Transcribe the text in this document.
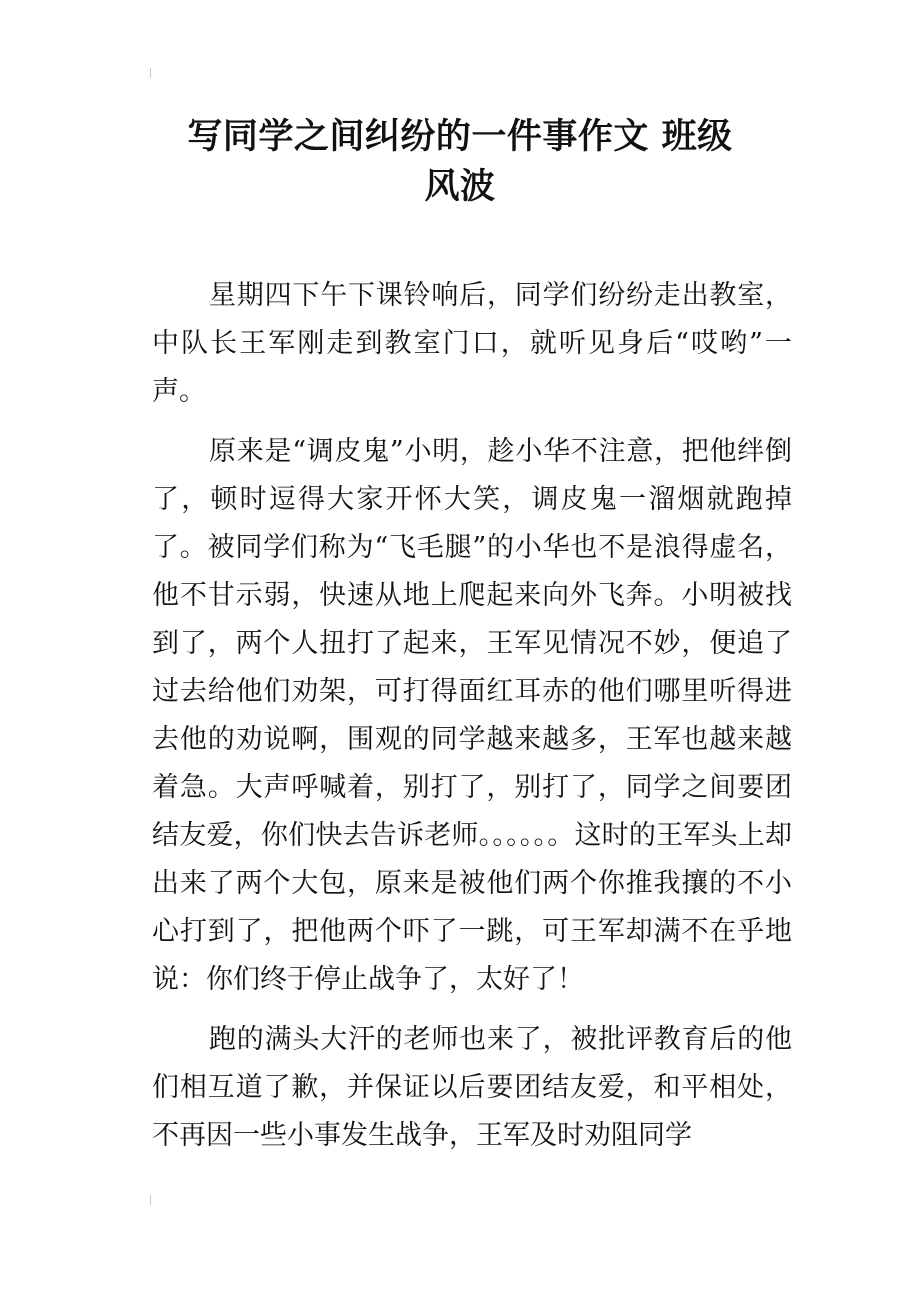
写同学之间纠纷的一件事作文 班级
风波

星期四下午下课铃响后，同学们纷纷走出教室，中队长王军刚走到教室门口，就听见身后“哎哟”一声。

原来是“调皮鬼”小明，趁小华不注意，把他绊倒了，顿时逗得大家开怀大笑，调皮鬼一溜烟就跑掉了。被同学们称为“飞毛腿”的小华也不是浪得虚名，他不甘示弱，快速从地上爬起来向外飞奔。小明被找到了，两个人扭打了起来，王军见情况不妙，便追了过去给他们劝架，可打得面红耳赤的他们哪里听得进去他的劝说啊，围观的同学越来越多，王军也越来越着急。大声呼喊着，别打了，别打了，同学之间要团结友爱，你们快去告诉老师。。。。。。这时的王军头上却出来了两个大包，原来是被他们两个你推我攘的不小心打到了，把他两个吓了一跳，可王军却满不在乎地说：你们终于停止战争了，太好了！

跑的满头大汗的老师也来了，被批评教育后的他们相互道了歉，并保证以后要团结友爱，和平相处，不再因一些小事发生战争，王军及时劝阻同学
